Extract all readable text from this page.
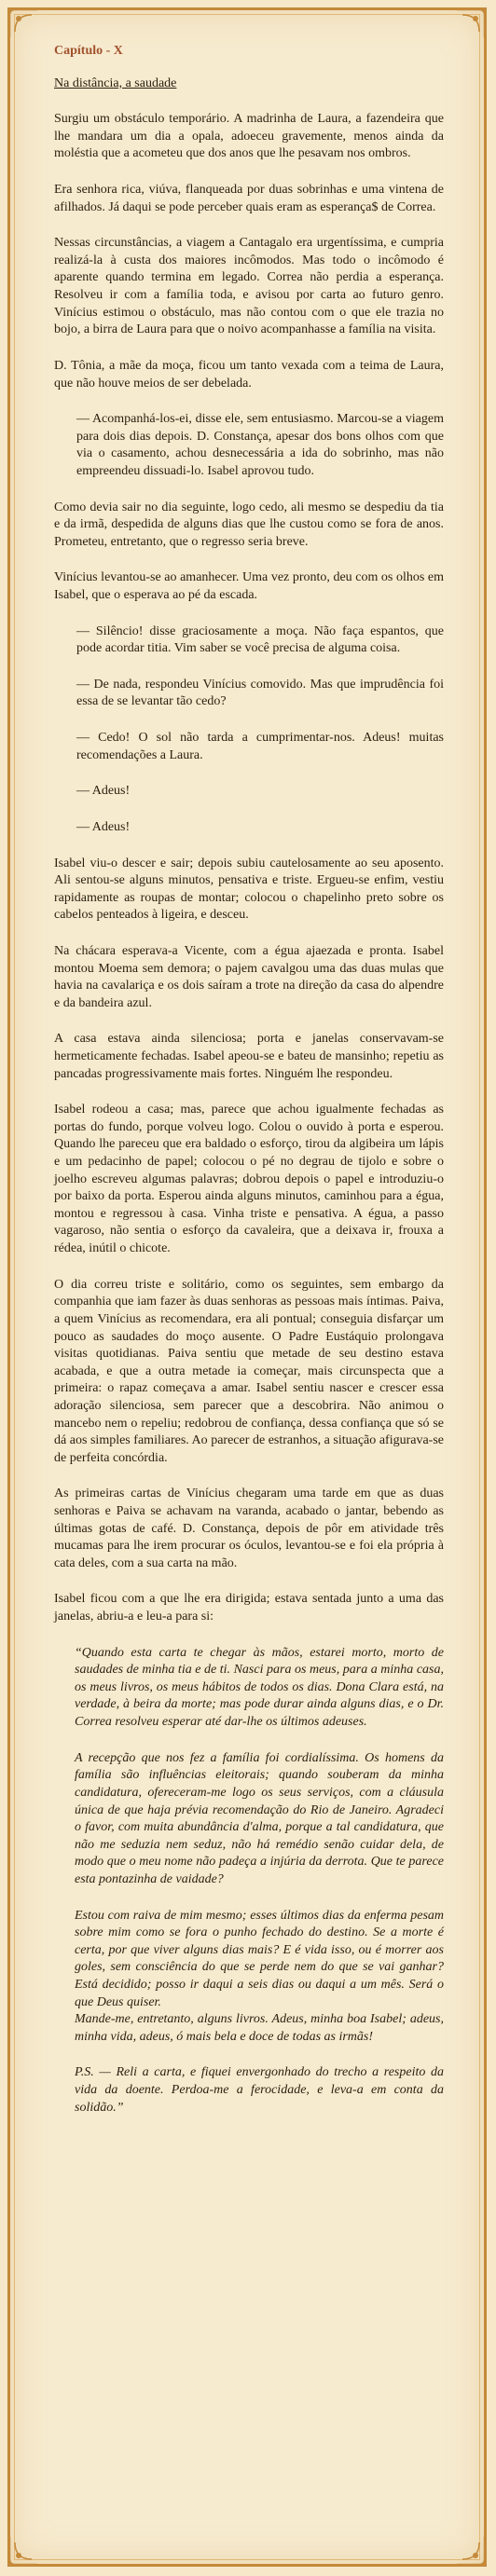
Capítulo - X
Na distância, a saudade

Surgiu um obstáculo temporário. A madrinha de Laura, a fazendeira que lhe mandara um dia a opala, adoeceu gravemente, menos ainda da moléstia que a acometeu que dos anos que lhe pesavam nos ombros.

Era senhora rica, viúva, flanqueada por duas sobrinhas e uma vintena de afilhados. Já daqui se pode perceber quais eram as esperança$ de Correa.

Nessas circunstâncias, a viagem a Cantagalo era urgentíssima, e cumpria realizá-la à custa dos maiores incômodos. Mas todo o incômodo é aparente quando termina em legado. Correa não perdia a esperança. Resolveu ir com a família toda, e avisou por carta ao futuro genro. Vinícius estimou o obstáculo, mas não contou com o que ele trazia no bojo, a birra de Laura para que o noivo acompanhasse a família na visita.

D. Tônia, a mãe da moça, ficou um tanto vexada com a teima de Laura, que não houve meios de ser debelada.

— Acompanhá-los-ei, disse ele, sem entusiasmo. Marcou-se a viagem para dois dias depois. D. Constança, apesar dos bons olhos com que via o casamento, achou desnecessária a ida do sobrinho, mas não empreendeu dissuadi-lo. Isabel aprovou tudo.

Como devia sair no dia seguinte, logo cedo, ali mesmo se despediu da tia e da irmã, despedida de alguns dias que lhe custou como se fora de anos. Prometeu, entretanto, que o regresso seria breve.

Vinícius levantou-se ao amanhecer. Uma vez pronto, deu com os olhos em Isabel, que o esperava ao pé da escada.

— Silêncio! disse graciosamente a moça. Não faça espantos, que pode acordar titia. Vim saber se você precisa de alguma coisa.

— De nada, respondeu Vinícius comovido. Mas que imprudência foi essa de se levantar tão cedo?

— Cedo! O sol não tarda a cumprimentar-nos. Adeus! muitas recomendações a Laura.

— Adeus!

— Adeus!

Isabel viu-o descer e sair; depois subiu cautelosamente ao seu aposento. Ali sentou-se alguns minutos, pensativa e triste. Ergueu-se enfim, vestiu rapidamente as roupas de montar; colocou o chapelinho preto sobre os cabelos penteados à ligeira, e desceu.

Na chácara esperava-a Vicente, com a égua ajaezada e pronta. Isabel montou Moema sem demora; o pajem cavalgou uma das duas mulas que havia na cavalariça e os dois saíram a trote na direção da casa do alpendre e da bandeira azul.

A casa estava ainda silenciosa; porta e janelas conservavam-se hermeticamente fechadas. Isabel apeou-se e bateu de mansinho; repetiu as pancadas progressivamente mais fortes. Ninguém lhe respondeu.

Isabel rodeou a casa; mas, parece que achou igualmente fechadas as portas do fundo, porque volveu logo. Colou o ouvido à porta e esperou. Quando lhe pareceu que era baldado o esforço, tirou da algibeira um lápis e um pedacinho de papel; colocou o pé no degrau de tijolo e sobre o joelho escreveu algumas palavras; dobrou depois o papel e introduziu-o por baixo da porta. Esperou ainda alguns minutos, caminhou para a égua, montou e regressou à casa. Vinha triste e pensativa. A égua, a passo vagaroso, não sentia o esforço da cavaleira, que a deixava ir, frouxa a rédea, inútil o chicote.

O dia correu triste e solitário, como os seguintes, sem embargo da companhia que iam fazer às duas senhoras as pessoas mais íntimas. Paiva, a quem Vinícius as recomendara, era ali pontual; conseguia disfarçar um pouco as saudades do moço ausente. O Padre Eustáquio prolongava visitas quotidianas. Paiva sentiu que metade de seu destino estava acabada, e que a outra metade ia começar, mais circunspecta que a primeira: o rapaz começava a amar. Isabel sentiu nascer e crescer essa adoração silenciosa, sem parecer que a descobrira. Não animou o mancebo nem o repeliu; redobrou de confiança, dessa confiança que só se dá aos simples familiares. Ao parecer de estranhos, a situação afigurava-se de perfeita concórdia.

As primeiras cartas de Vinícius chegaram uma tarde em que as duas senhoras e Paiva se achavam na varanda, acabado o jantar, bebendo as últimas gotas de café. D. Constança, depois de pôr em atividade três mucamas para lhe irem procurar os óculos, levantou-se e foi ela própria à cata deles, com a sua carta na mão.

Isabel ficou com a que lhe era dirigida; estava sentada junto a uma das janelas, abriu-a e leu-a para si:

“Quando esta carta te chegar às mãos, estarei morto, morto de saudades de minha tia e de ti. Nasci para os meus, para a minha casa, os meus livros, os meus hábitos de todos os dias. Dona Clara está, na verdade, à beira da morte; mas pode durar ainda alguns dias, e o Dr. Correa resolveu esperar até dar-lhe os últimos adeuses.

A recepção que nos fez a família foi cordialíssima. Os homens da família são influências eleitorais; quando souberam da minha candidatura, ofereceram-me logo os seus serviços, com a cláusula única de que haja prévia recomendação do Rio de Janeiro. Agradeci o favor, com muita abundância d'alma, porque a tal candidatura, que não me seduzia nem seduz, não há remédio senão cuidar dela, de modo que o meu nome não padeça a injúria da derrota. Que te parece esta pontazinha de vaidade?

Estou com raiva de mim mesmo; esses últimos dias da enferma pesam sobre mim como se fora o punho fechado do destino. Se a morte é certa, por que viver alguns dias mais? E é vida isso, ou é morrer aos goles, sem consciência do que se perde nem do que se vai ganhar? Está decidido; posso ir daqui a seis dias ou daqui a um mês. Será o que Deus quiser.
Mande-me, entretanto, alguns livros. Adeus, minha boa Isabel; adeus, minha vida, adeus, ó mais bela e doce de todas as irmãs!

P.S. — Reli a carta, e fiquei envergonhado do trecho a respeito da vida da doente. Perdoa-me a ferocidade, e leva-a em conta da solidão.”
